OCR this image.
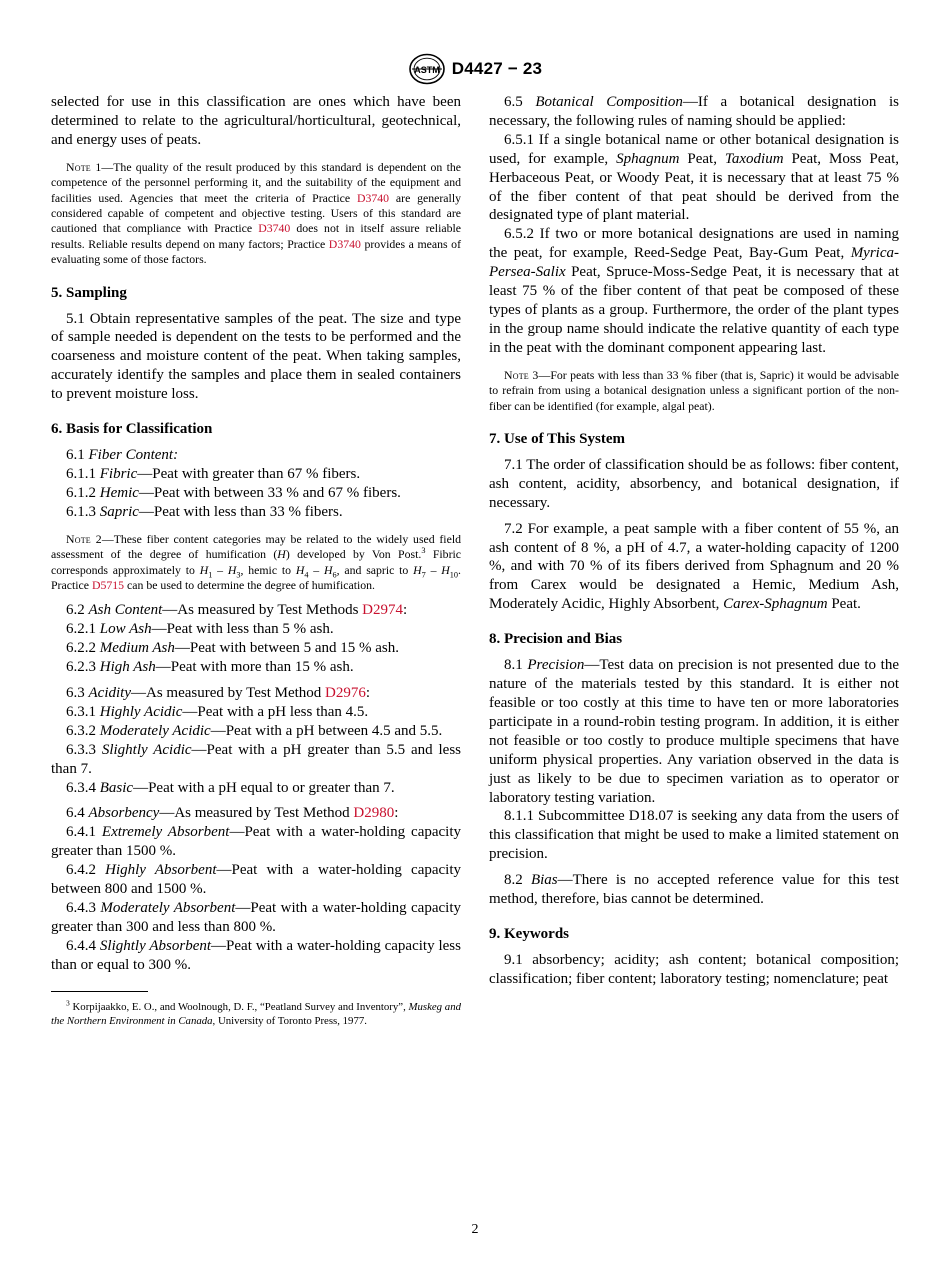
ASTM D4427 − 23

selected for use in this classification are ones which have been determined to relate to the agricultural/horticultural, geotechnical, and energy uses of peats.

Note 1—The quality of the result produced by this standard is dependent on the competence of the personnel performing it, and the suitability of the equipment and facilities used. Agencies that meet the criteria of Practice D3740 are generally considered capable of competent and objective testing. Users of this standard are cautioned that compliance with Practice D3740 does not in itself assure reliable results. Reliable results depend on many factors; Practice D3740 provides a means of evaluating some of those factors.

5. Sampling

5.1 Obtain representative samples of the peat. The size and type of sample needed is dependent on the tests to be performed and the coarseness and moisture content of the peat. When taking samples, accurately identify the samples and place them in sealed containers to prevent moisture loss.

6. Basis for Classification

6.1 Fiber Content:

6.1.1 Fibric—Peat with greater than 67 % fibers.

6.1.2 Hemic—Peat with between 33 % and 67 % fibers.

6.1.3 Sapric—Peat with less than 33 % fibers.

Note 2—These fiber content categories may be related to the widely used field assessment of the degree of humification (H) developed by Von Post.$^3$ Fibric corresponds approximately to $H_1 - H_3$, hemic to $H_4 - H_6$, and sapric to $H_7 - H_{10}$. Practice D5715 can be used to determine the degree of humification.

6.2 Ash Content—As measured by Test Methods D2974:

6.2.1 Low Ash—Peat with less than 5 % ash.

6.2.2 Medium Ash—Peat with between 5 and 15 % ash.

6.2.3 High Ash—Peat with more than 15 % ash.

6.3 Acidity—As measured by Test Method D2976:

6.3.1 Highly Acidic—Peat with a pH less than 4.5.

6.3.2 Moderately Acidic—Peat with a pH between 4.5 and 5.5.

6.3.3 Slightly Acidic—Peat with a pH greater than 5.5 and less than 7.

6.3.4 Basic—Peat with a pH equal to or greater than 7.

6.4 Absorbency—As measured by Test Method D2980:

6.4.1 Extremely Absorbent—Peat with a water-holding capacity greater than 1500 %.

6.4.2 Highly Absorbent—Peat with a water-holding capacity between 800 and 1500 %.

6.4.3 Moderately Absorbent—Peat with a water-holding capacity greater than 300 and less than 800 %.

6.4.4 Slightly Absorbent—Peat with a water-holding capacity less than or equal to 300 %.

$^3$ Korpijaakko, E. O., and Woolnough, D. F., “Peatland Survey and Inventory”, Muskeg and the Northern Environment in Canada, University of Toronto Press, 1977.

6.5 Botanical Composition—If a botanical designation is necessary, the following rules of naming should be applied:

6.5.1 If a single botanical name or other botanical designation is used, for example, Sphagnum Peat, Taxodium Peat, Moss Peat, Herbaceous Peat, or Woody Peat, it is necessary that at least 75 % of the fiber content of that peat should be derived from the designated type of plant material.

6.5.2 If two or more botanical designations are used in naming the peat, for example, Reed-Sedge Peat, Bay-Gum Peat, Myrica-Persea-Salix Peat, Spruce-Moss-Sedge Peat, it is necessary that at least 75 % of the fiber content of that peat be composed of these types of plants as a group. Furthermore, the order of the plant types in the group name should indicate the relative quantity of each type in the peat with the dominant component appearing last.

Note 3—For peats with less than 33 % fiber (that is, Sapric) it would be advisable to refrain from using a botanical designation unless a significant portion of the non-fiber can be identified (for example, algal peat).

7. Use of This System

7.1 The order of classification should be as follows: fiber content, ash content, acidity, absorbency, and botanical designation, if necessary.

7.2 For example, a peat sample with a fiber content of 55 %, an ash content of 8 %, a pH of 4.7, a water-holding capacity of 1200 %, and with 70 % of its fibers derived from Sphagnum and 20 % from Carex would be designated a Hemic, Medium Ash, Moderately Acidic, Highly Absorbent, Carex-Sphagnum Peat.

8. Precision and Bias

8.1 Precision—Test data on precision is not presented due to the nature of the materials tested by this standard. It is either not feasible or too costly at this time to have ten or more laboratories participate in a round-robin testing program. In addition, it is either not feasible or too costly to produce multiple specimens that have uniform physical properties. Any variation observed in the data is just as likely to be due to specimen variation as to operator or laboratory testing variation.

8.1.1 Subcommittee D18.07 is seeking any data from the users of this classification that might be used to make a limited statement on precision.

8.2 Bias—There is no accepted reference value for this test method, therefore, bias cannot be determined.

9. Keywords

9.1 absorbency; acidity; ash content; botanical composition; classification; fiber content; laboratory testing; nomenclature; peat

2
